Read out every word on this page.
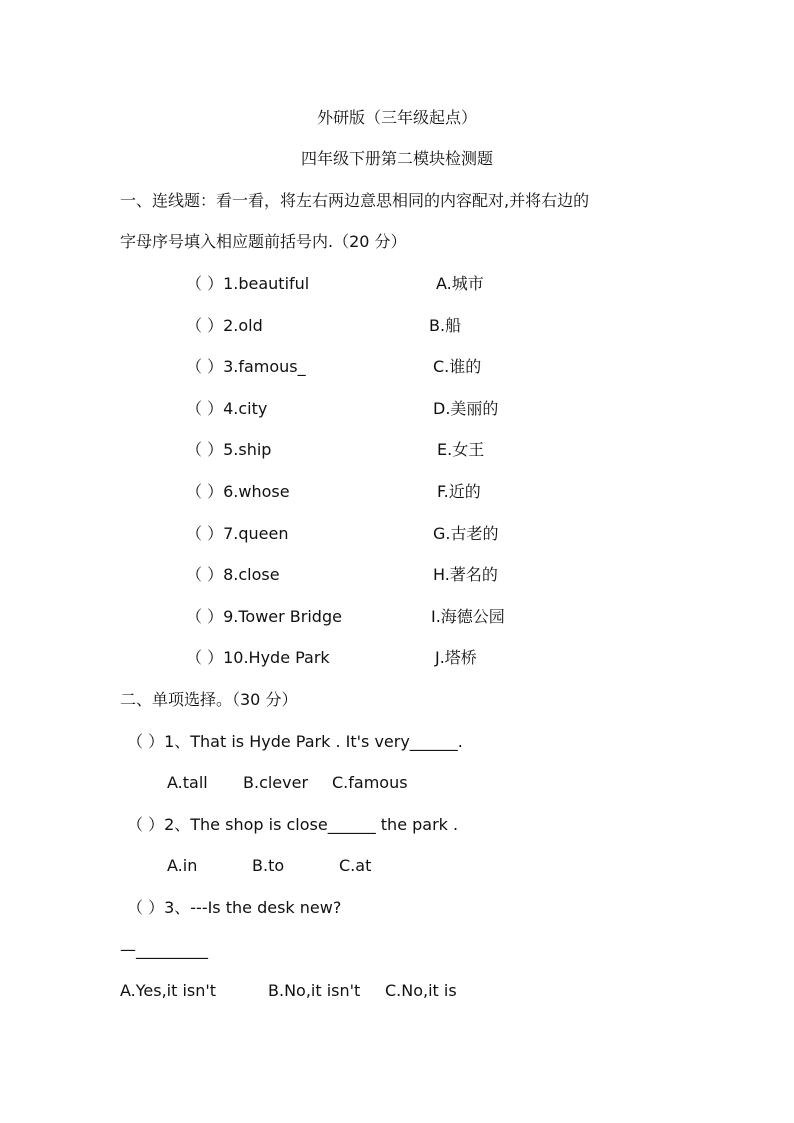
外研版（三年级起点）
四年级下册第二模块检测题
一、连线题：看一看，将左右两边意思相同的内容配对,并将右边的
字母序号填入相应题前括号内.（20 分）
（ ）1.beautiful	A.城市
（ ）2.old	B.船
（ ）3.famous_	C.谁的
（ ）4.city	D.美丽的
（ ）5.ship	E.女王
（ ）6.whose	F.近的
（ ）7.queen	G.古老的
（ ）8.close	H.著名的
（ ）9.Tower Bridge	I.海德公园
（ ）10.Hyde Park	J.塔桥
二、单项选择。（30 分）
（ ）1、That is Hyde Park . It's very______.
A.tall B.clever C.famous
（ ）2、The shop is close______ the park .
A.in	B.to	C.at
（ ）3、---Is the desk new?
—_________
A.Yes,it isn't	B.No,it isn't C.No,it is
